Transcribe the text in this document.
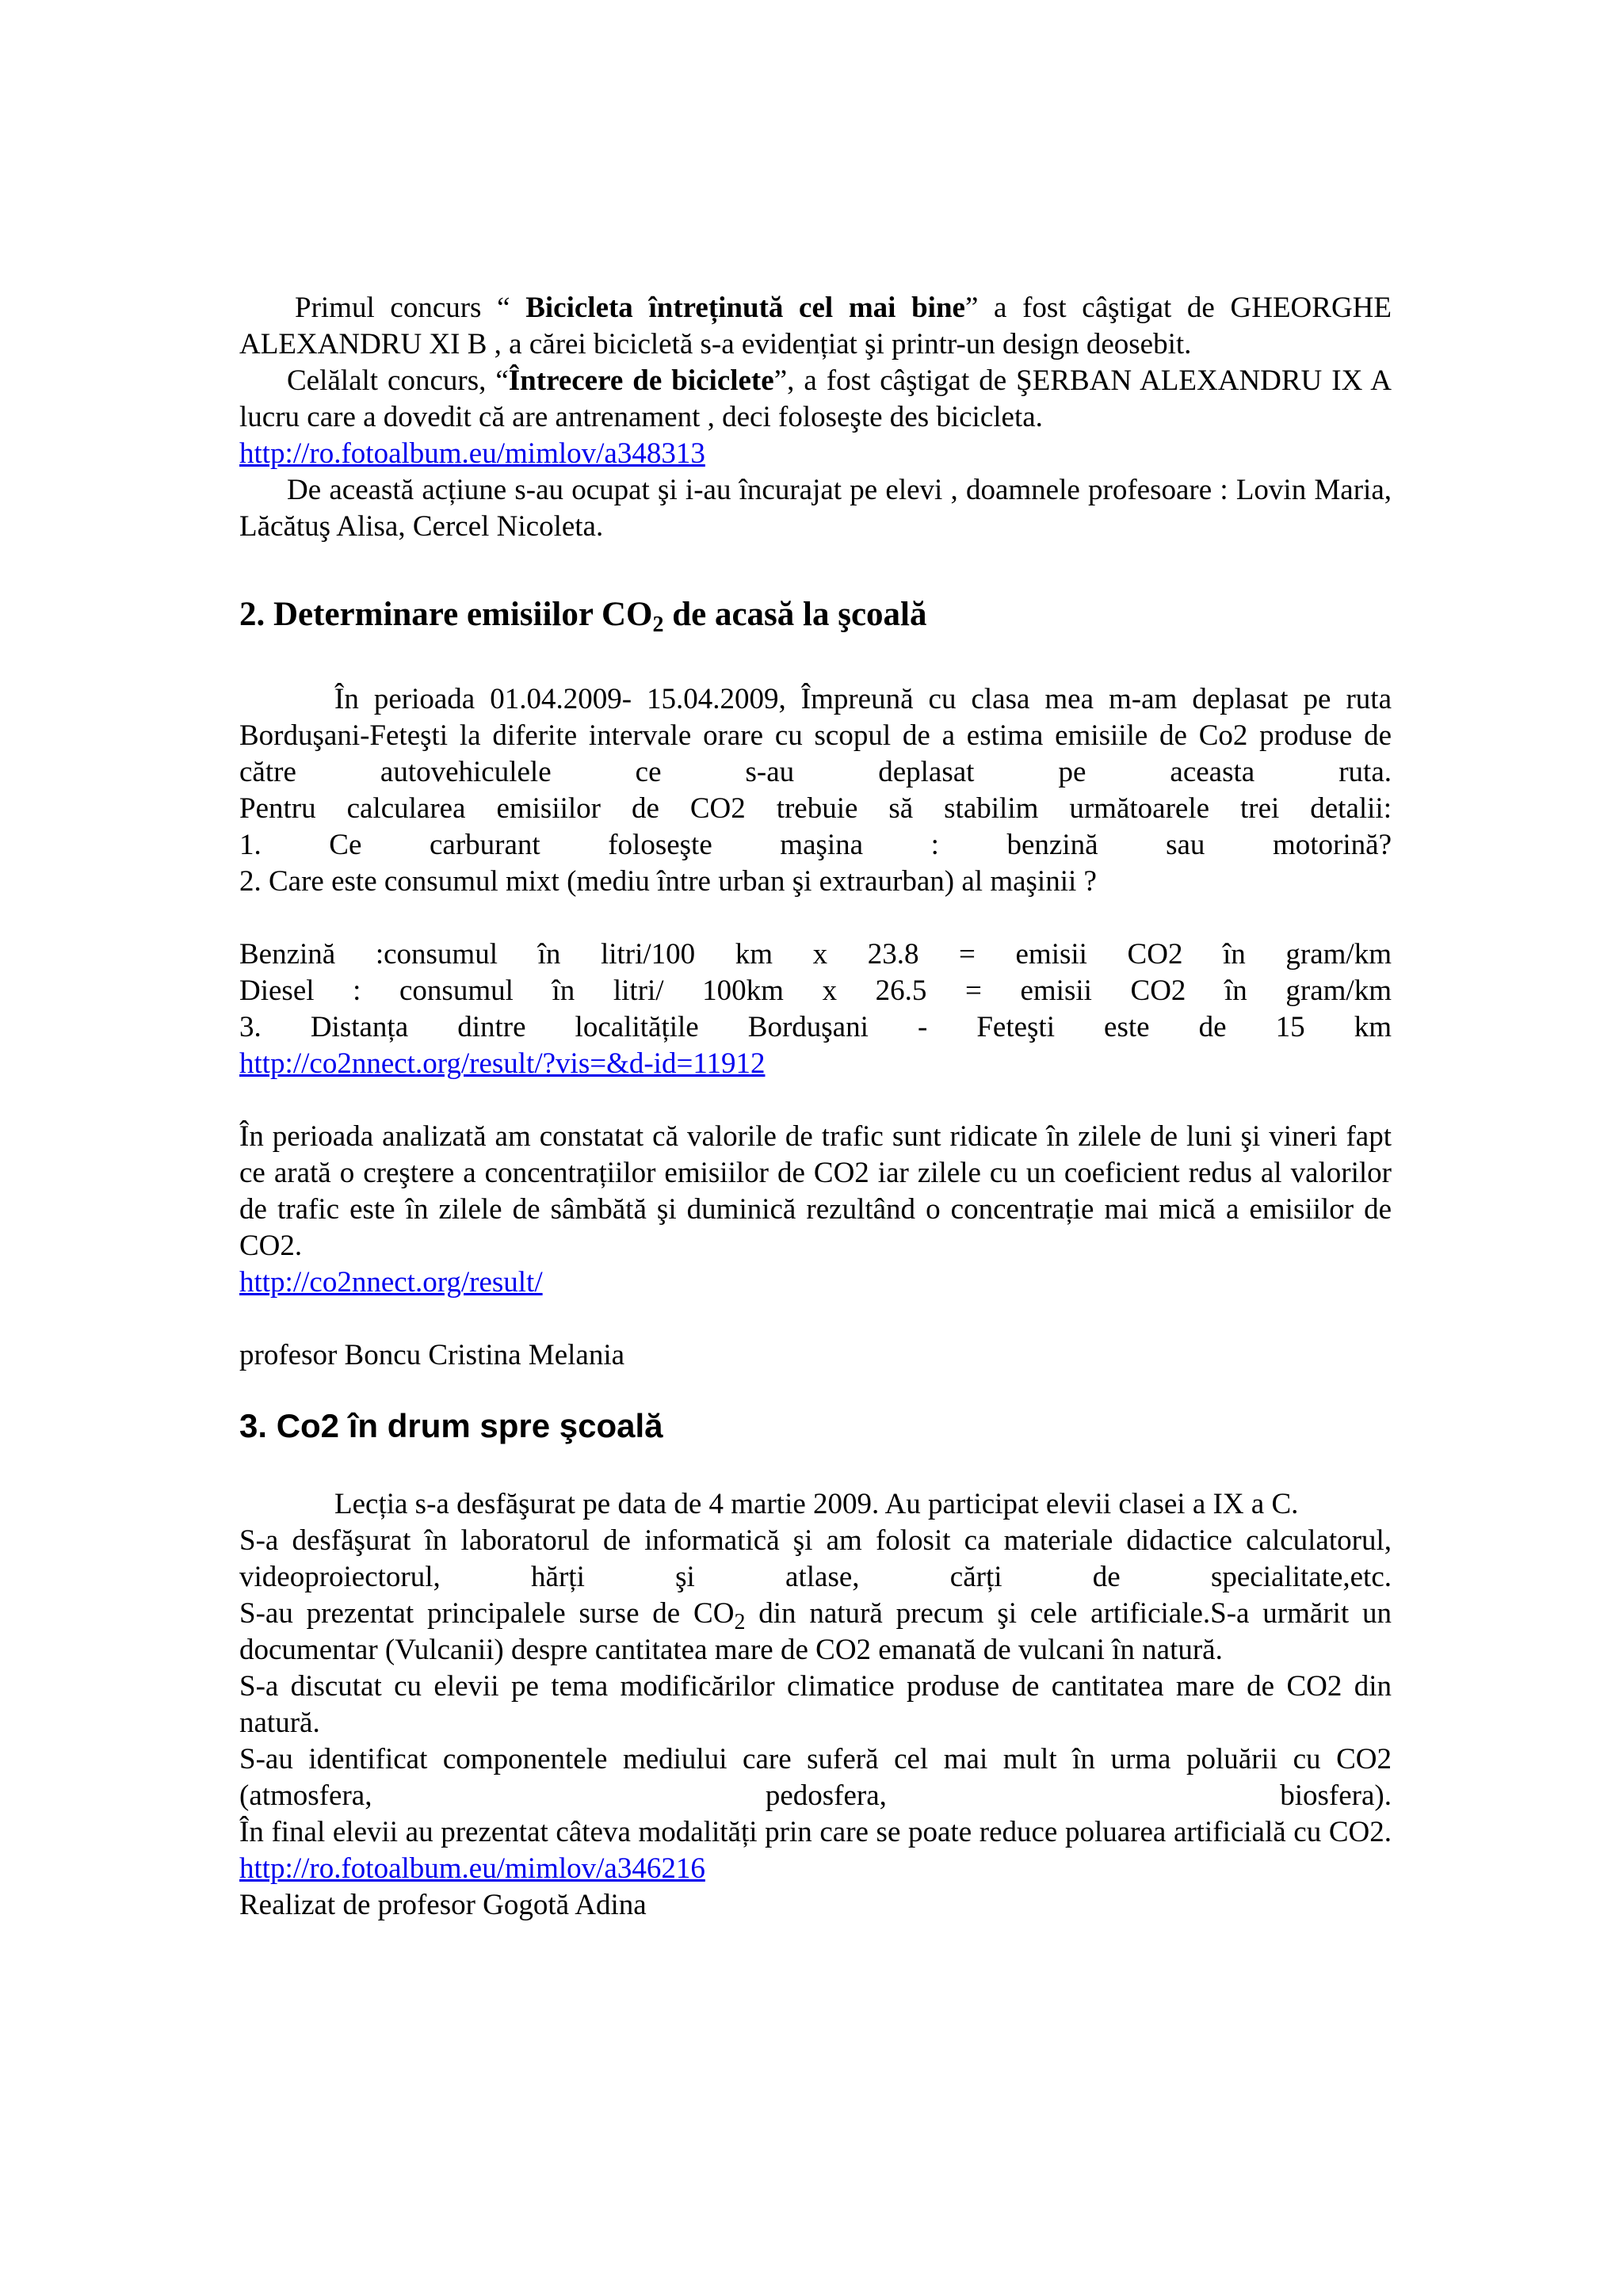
Primul concurs “ Bicicleta întreținută cel mai bine” a fost câştigat de GHEORGHE ALEXANDRU XI B , a cărei bicicletă s-a evidențiat şi printr-un design deosebit.

Celălalt concurs, “Întrecere de biciclete”, a fost câştigat de ŞERBAN ALEXANDRU IX A lucru care a dovedit că are antrenament , deci foloseşte des bicicleta.

http://ro.fotoalbum.eu/mimlov/a348313

De această acțiune s-au ocupat şi i-au încurajat pe elevi , doamnele profesoare : Lovin Maria, Lăcătuş Alisa, Cercel Nicoleta.

2. Determinare emisiilor $CO_2$ de acasă la şcoală

În perioada 01.04.2009- 15.04.2009, Împreună cu clasa mea m-am deplasat pe ruta Borduşani-Feteşti la diferite intervale orare cu scopul de a estima emisiile de Co2 produse de către autovehiculele ce s-au deplasat pe aceasta ruta.

Pentru calcularea emisiilor de CO2 trebuie să stabilim următoarele trei detalii:

1. Ce carburant foloseşte maşina : benzină sau motorină?

2. Care este consumul mixt (mediu între urban şi extraurban) al maşinii ?

Benzină :consumul în litri/100 km x 23.8 = emisii CO2 în gram/km

Diesel : consumul în litri/ 100km x 26.5 = emisii CO2 în gram/km

3. Distanța dintre localitățile Borduşani - Feteşti este de 15 km

http://co2nnect.org/result/?vis=&d-id=11912

În perioada analizată am constatat că valorile de trafic sunt ridicate în zilele de luni şi vineri fapt ce arată o creştere a concentrațiilor emisiilor de CO2 iar zilele cu un coeficient redus al valorilor de trafic este în zilele de sâmbătă şi duminică rezultând o concentrație mai mică a emisiilor de CO2.

http://co2nnect.org/result/

profesor Boncu Cristina Melania

3. Co2 în drum spre şcoală

Lecția s-a desfăşurat pe data de 4 martie 2009. Au participat elevii clasei a IX a C.

S-a desfăşurat în laboratorul de informatică şi am folosit ca materiale didactice calculatorul, videoproiectorul, hărți şi atlase, cărți de specialitate,etc.

S-au prezentat principalele surse de $CO_2$ din natură precum şi cele artificiale.S-a urmărit un documentar (Vulcanii) despre cantitatea mare de CO2 emanată de vulcani în natură.

S-a discutat cu elevii pe tema modificărilor climatice produse de cantitatea mare de CO2 din natură.

S-au identificat componentele mediului care suferă cel mai mult în urma poluării cu CO2 (atmosfera, pedosfera, biosfera).

În final elevii au prezentat câteva modalități prin care se poate reduce poluarea artificială cu CO2.

http://ro.fotoalbum.eu/mimlov/a346216

Realizat de profesor Gogotă Adina
